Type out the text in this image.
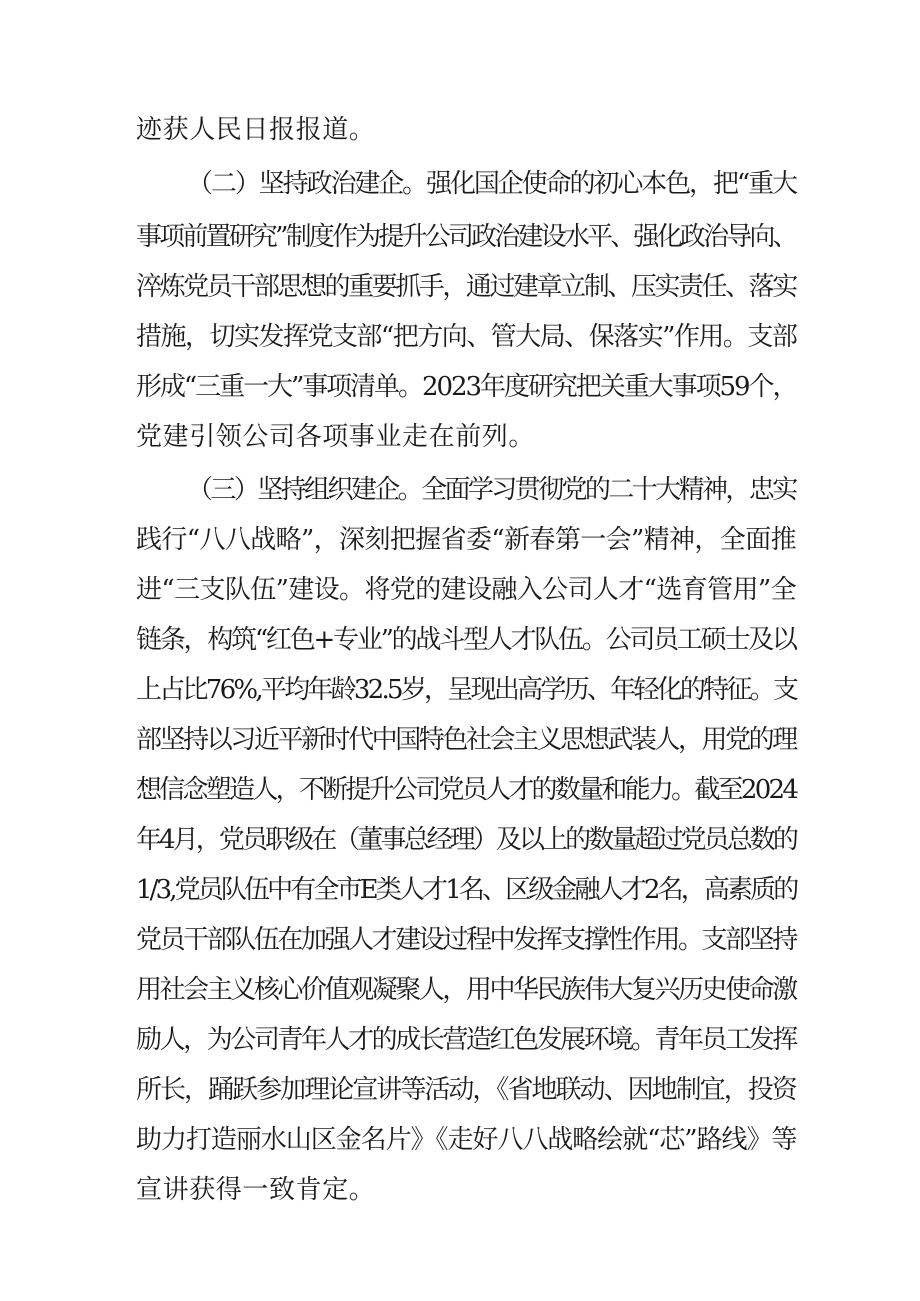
迹获人民日报报道。
（二）坚持政治建企。强化国企使命的初心本色，把“重大
事项前置研究”制度作为提升公司政治建设水平、强化政治导向、
淬炼党员干部思想的重要抓手，通过建章立制、压实责任、落实
措施，切实发挥党支部“把方向、管大局、保落实”作用。支部
形成“三重一大”事项清单。2023年度研究把关重大事项59个，
党建引领公司各项事业走在前列。
（三）坚持组织建企。全面学习贯彻党的二十大精神，忠实
践行“八八战略”，深刻把握省委“新春第一会”精神，全面推
进“三支队伍”建设。将党的建设融入公司人才“选育管用”全
链条，构筑“红色+专业”的战斗型人才队伍。公司员工硕士及以
上占比76%,平均年龄32.5岁，呈现出高学历、年轻化的特征。支
部坚持以习近平新时代中国特色社会主义思想武装人，用党的理
想信念塑造人，不断提升公司党员人才的数量和能力。截至2024
年4月，党员职级在（董事总经理）及以上的数量超过党员总数的
1/3,党员队伍中有全市E类人才1名、区级金融人才2名，高素质的
党员干部队伍在加强人才建设过程中发挥支撑性作用。支部坚持
用社会主义核心价值观凝聚人，用中华民族伟大复兴历史使命激
励人，为公司青年人才的成长营造红色发展环境。青年员工发挥
所长，踊跃参加理论宣讲等活动，《省地联动、因地制宜，投资
助力打造丽水山区金名片》《走好八八战略绘就“芯”路线》等
宣讲获得一致肯定。
